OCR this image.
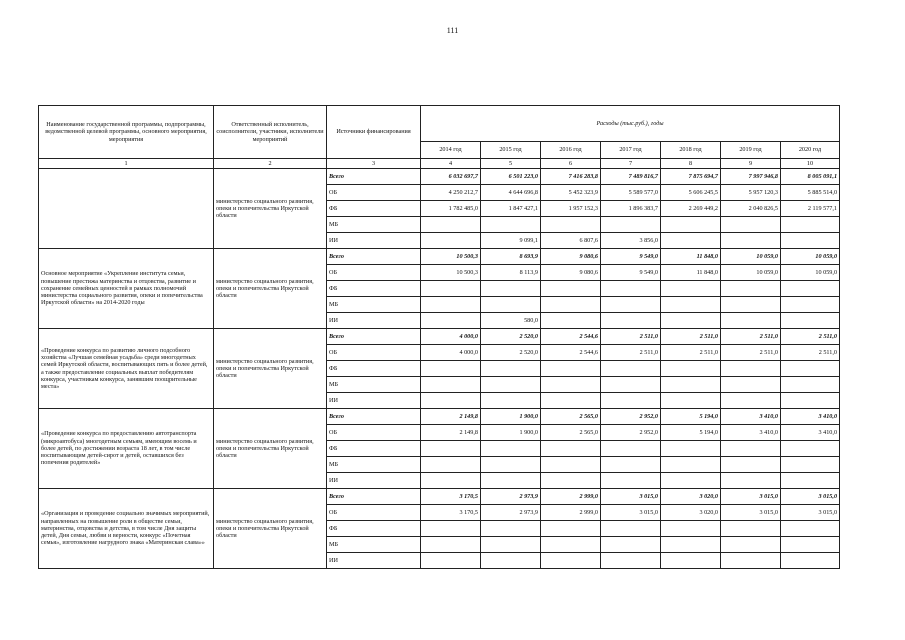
111
Наименование государственной программы, подпрограммы, ведомственной целевой программы, основного мероприятия, мероприятия	Ответственный исполнитель, соисполнители, участники, исполнители мероприятий	Источники финансирования	Расходы (тыс.руб.), годы						
			2014 год	2015 год	2016 год	2017 год	2018 год	2019 год	2020 год
1	2	3	4	5	6	7	8	9	10
	министерство социального развития, опеки и попечительства Иркутской области	Всего	6 032 697,7	6 501 223,0	7 416 283,8	7 489 816,7	7 875 694,7	7 997 946,8	8 005 091,1
		ОБ	4 250 212,7	4 644 696,8	5 452 323,9	5 589 577,0	5 606 245,5	5 957 120,3	5 885 514,0
		ФБ	1 782 485,0	1 847 427,1	1 957 152,3	1 896 383,7	2 269 449,2	2 040 826,5	2 119 577,1
		МБ							
		ИИ		9 099,1	6 807,6	3 856,0			
Основное мероприятие «Укрепление института семьи, повышение престижа материнства и отцовства, развитие и сохранение семейных ценностей в рамках полномочий министерства социального развития, опеки и попечительства Иркутской области» на 2014-2020 годы	министерство социального развития, опеки и попечительства Иркутской области	Всего	10 500,3	8 693,9	9 080,6	9 549,0	11 848,0	10 059,0	10 059,0
		ОБ	10 500,3	8 113,9	9 080,6	9 549,0	11 848,0	10 059,0	10 059,0
		ФБ							
		МБ							
		ИИ		580,0					
«Проведение конкурса по развитию личного подсобного хозяйства «Лучшая семейная усадьба» среди многодетных семей Иркутской области, воспитывающих пять и более детей, а также предоставление социальных выплат победителям конкурса, участникам конкурса, занявшим поощрительные места»	министерство социального развития, опеки и попечительства Иркутской области	Всего	4 000,0	2 520,0	2 544,6	2 511,0	2 511,0	2 511,0	2 511,0
		ОБ	4 000,0	2 520,0	2 544,6	2 511,0	2 511,0	2 511,0	2 511,0
		ФБ							
		МБ							
		ИИ							
«Проведение конкурса по предоставлению автотранспорта (микроавтобуса) многодетным семьям, имеющим восемь и более детей, по достижении возраста 18 лет, в том числе воспитывающим детей-сирот и детей, оставшихся без попечения родителей»	министерство социального развития, опеки и попечительства Иркутской области	Всего	2 149,8	1 900,0	2 565,0	2 952,0	5 194,0	3 410,0	3 410,0
		ОБ	2 149,8	1 900,0	2 565,0	2 952,0	5 194,0	3 410,0	3 410,0
		ФБ							
		МБ							
		ИИ							
«Организация и проведение социально значимых мероприятий, направленных на повышение роли в обществе семьи, материнства, отцовства и детства, в том числе Дня защиты детей, Дня семьи, любви и верности, конкурс «Почетная семья», изготовление нагрудного знака «Материнская слава»»	министерство социального развития, опеки и попечительства Иркутской области	Всего	3 170,5	2 973,9	2 999,0	3 015,0	3 020,0	3 015,0	3 015,0
		ОБ	3 170,5	2 973,9	2 999,0	3 015,0	3 020,0	3 015,0	3 015,0
		ФБ							
		МБ							
		ИИ							
